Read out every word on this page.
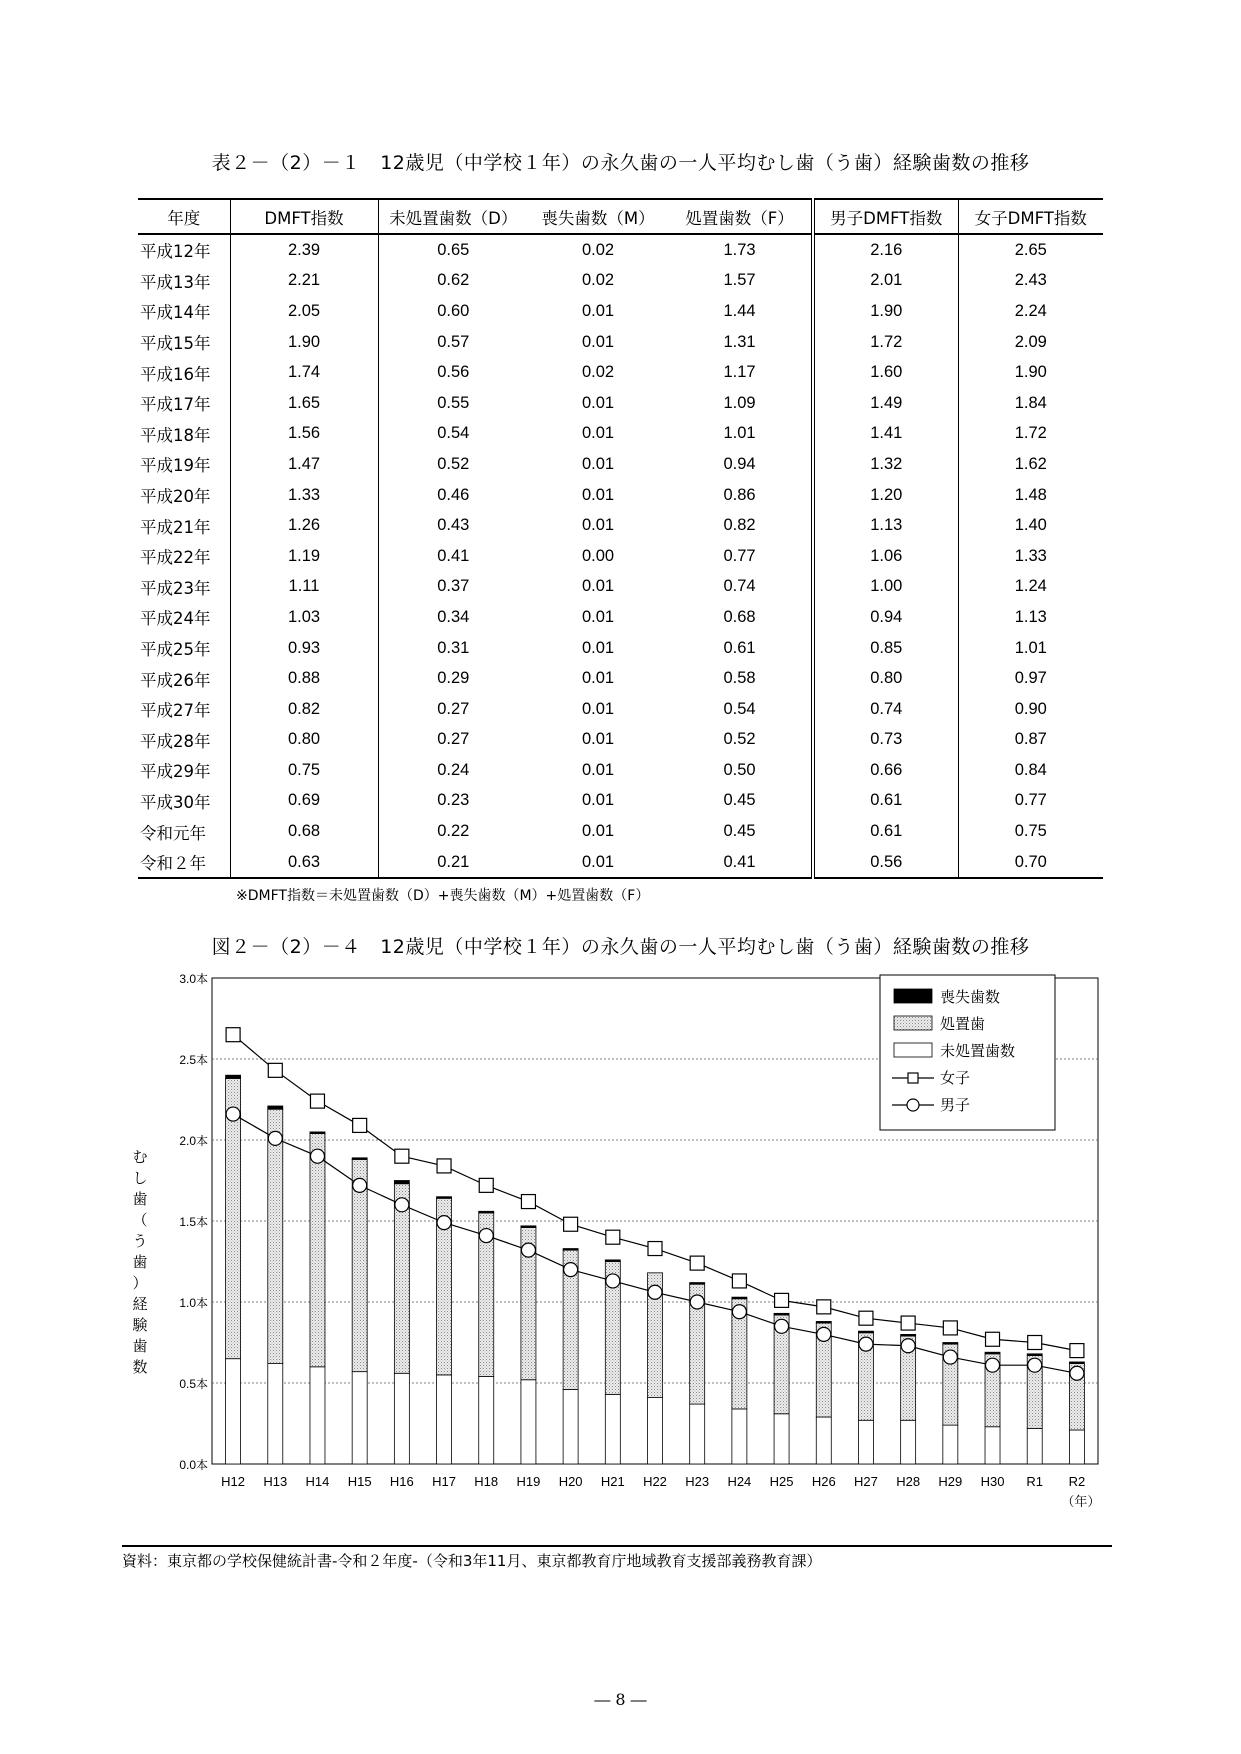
表２－（2）－１　12歳児（中学校１年）の永久歯の一人平均むし歯（う歯）経験歯数の推移
年度	DMFT指数	未処置歯数（D）	喪失歯数（M）	処置歯数（F）	男子DMFT指数	女子DMFT指数
平成12年	2.39	0.65	0.02	1.73	2.16	2.65
平成13年	2.21	0.62	0.02	1.57	2.01	2.43
平成14年	2.05	0.60	0.01	1.44	1.90	2.24
平成15年	1.90	0.57	0.01	1.31	1.72	2.09
平成16年	1.74	0.56	0.02	1.17	1.60	1.90
平成17年	1.65	0.55	0.01	1.09	1.49	1.84
平成18年	1.56	0.54	0.01	1.01	1.41	1.72
平成19年	1.47	0.52	0.01	0.94	1.32	1.62
平成20年	1.33	0.46	0.01	0.86	1.20	1.48
平成21年	1.26	0.43	0.01	0.82	1.13	1.40
平成22年	1.19	0.41	0.00	0.77	1.06	1.33
平成23年	1.11	0.37	0.01	0.74	1.00	1.24
平成24年	1.03	0.34	0.01	0.68	0.94	1.13
平成25年	0.93	0.31	0.01	0.61	0.85	1.01
平成26年	0.88	0.29	0.01	0.58	0.80	0.97
平成27年	0.82	0.27	0.01	0.54	0.74	0.90
平成28年	0.80	0.27	0.01	0.52	0.73	0.87
平成29年	0.75	0.24	0.01	0.50	0.66	0.84
平成30年	0.69	0.23	0.01	0.45	0.61	0.77
令和元年	0.68	0.22	0.01	0.45	0.61	0.75
令和２年	0.63	0.21	0.01	0.41	0.56	0.70
※DMFT指数＝未処置歯数（D）+喪失歯数（M）+処置歯数（F）
図２－（2）－４　12歳児（中学校１年）の永久歯の一人平均むし歯（う歯）経験歯数の推移
0.0本
0.5本
1.0本
1.5本
2.0本
2.5本
3.0本
むし歯（う歯）経験歯数
H12 H13 H14 H15 H16 H17 H18 H19 H20 H21 H22 H23 H24 H25 H26 H27 H28 H29 H30 R1 R2
（年）
喪失歯数
処置歯
未処置歯数
女子
男子
資料：東京都の学校保健統計書-令和２年度-（令和3年11月、東京都教育庁地域教育支援部義務教育課）
― 8 ―
